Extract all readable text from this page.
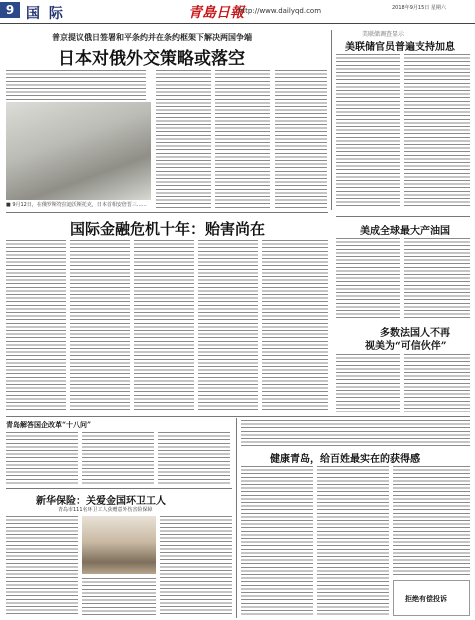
9 国 际	青島日報
http://www.dailyqd.com	2018年9月15日 星期六
普京提议俄日签署和平条约并在条约框架下解决两国争端
日本对俄外交策略或落空
■ 9月12日，在俄罗斯符拉迪沃斯托克，日本首相安倍晋三……
美联储调查显示
美联储官员普遍支持加息
美成全球最大产油国
多数法国人不再
视美为“可信伙伴”
国际金融危机十年：贻害尚在
青岛解答国企改革“十八问”
新华保险：关爱金国环卫工人
青岛市111名环卫工人获赠意外伤害险保障
健康青岛，给百姓最实在的获得感
拒绝有偿投诉
